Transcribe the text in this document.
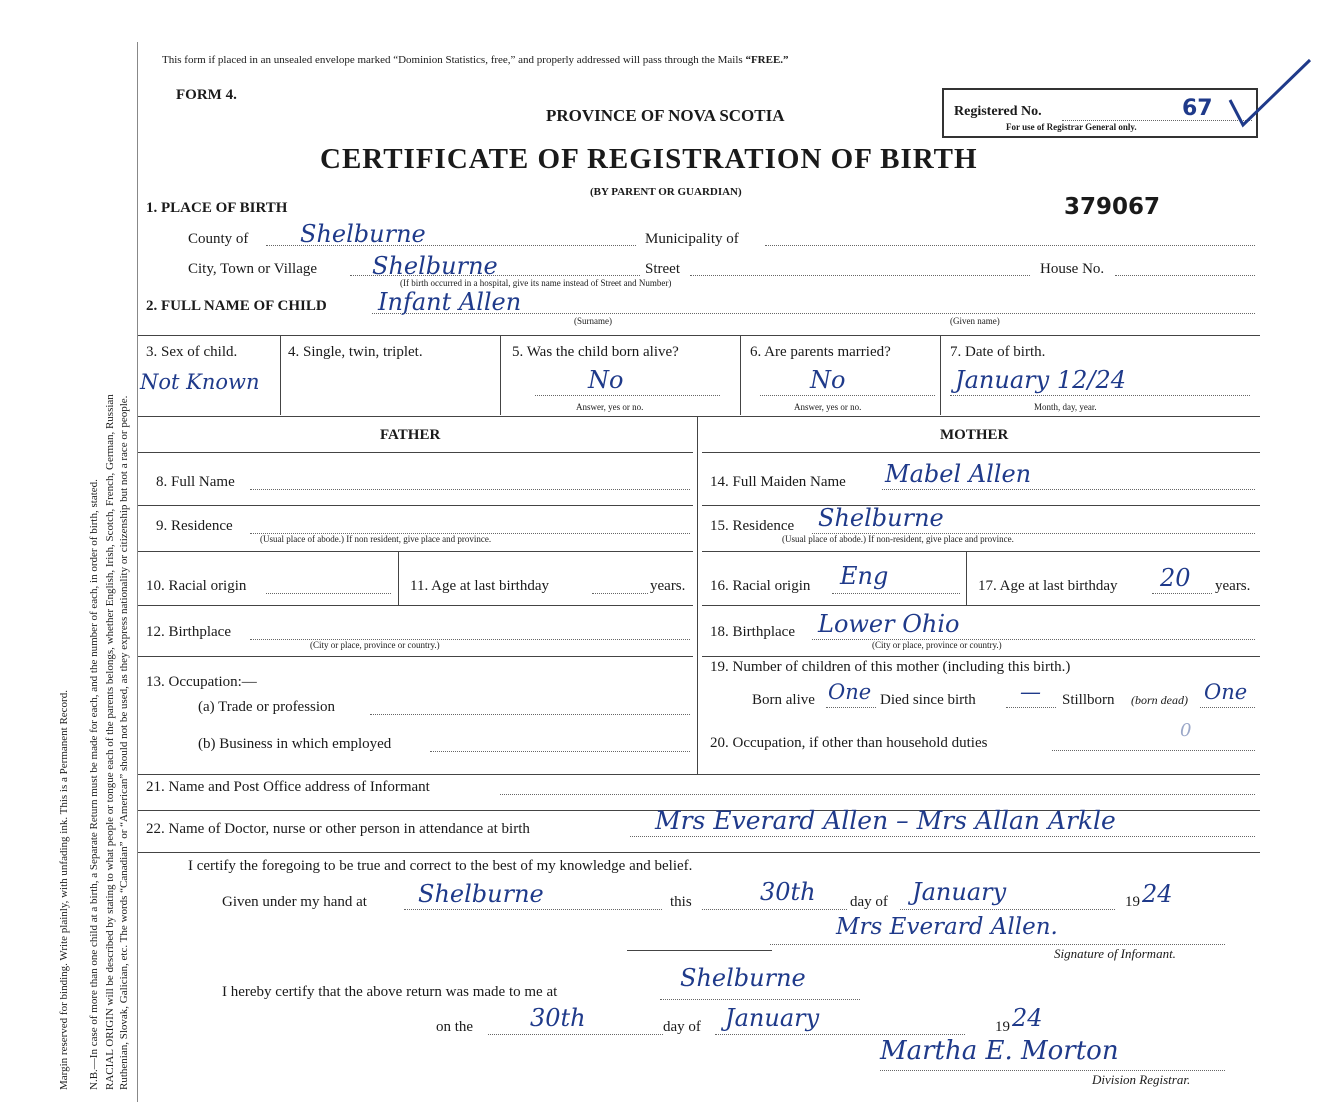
Margin reserved for binding. Write plainly, with unfading ink. This is a Permanent Record. N.B.—In case of more than one child at a birth, a Separate Return must be made for each, and the number of each, in order of birth, stated. RACIAL ORIGIN will be described by stating to what people or tongue each of the parents belongs, whether English, Irish, Scotch, French, German, Russian Ruthenian, Slovak, Galician, etc. The words “Canadian” or “American” should not be used, as they express nationality or citizenship but not a race or people.
This form if placed in an unsealed envelope marked “Dominion Statistics, free,” and properly addressed will pass through the Mails “FREE.”
FORM 4.
PROVINCE OF NOVA SCOTIA	Registered No.	67
For use of Registrar General only.
CERTIFICATE OF REGISTRATION OF BIRTH
(BY PARENT OR GUARDIAN)
379067
1. PLACE OF BIRTH
County of Shelburne	Municipality of
City, Town or Village Shelburne	Street	House No.
(If birth occurred in a hospital, give its name instead of Street and Number)
2. FULL NAME OF CHILD Infant Allen
(Surname)	(Given name)
3. Sex of child.
Not Known
4. Single, twin, triplet.	5. Was the child born alive?
No
Answer, yes or no.
6. Are parents married?
No
Answer, yes or no.
7. Date of birth.
January 12/24
Month, day, year.
FATHER	MOTHER
8. Full Name
9. Residence
(Usual place of abode.) If non resident, give place and province.
10. Racial origin	11. Age at last birthday	years.
12. Birthplace
(City or place, province or country.)
13. Occupation:—
(a) Trade or profession
(b) Business in which employed
14. Full Maiden Name Mabel Allen
15. Residence Shelburne
(Usual place of abode.) If non-resident, give place and province.
16. Racial origin Eng	17. Age at last birthday 20 years.
18. Birthplace Lower Ohio
(City or place, province or country.)
19. Number of children of this mother (including this birth.)
Born alive One Died since birth — Stillborn (born dead) One
20. Occupation, if other than household duties
0
21. Name and Post Office address of Informant
22. Name of Doctor, nurse or other person in attendance at birth	Mrs Everard Allen – Mrs Allan Arkle
I certify the foregoing to be true and correct to the best of my knowledge and belief.
Given under my hand at Shelburne	this	30th day of January	19 24
Mrs Everard Allen.
Signature of Informant.
I hereby certify that the above return was made to me at	Shelburne
on the 30th	day of January	19 24
Martha E. Morton
Division Registrar.
